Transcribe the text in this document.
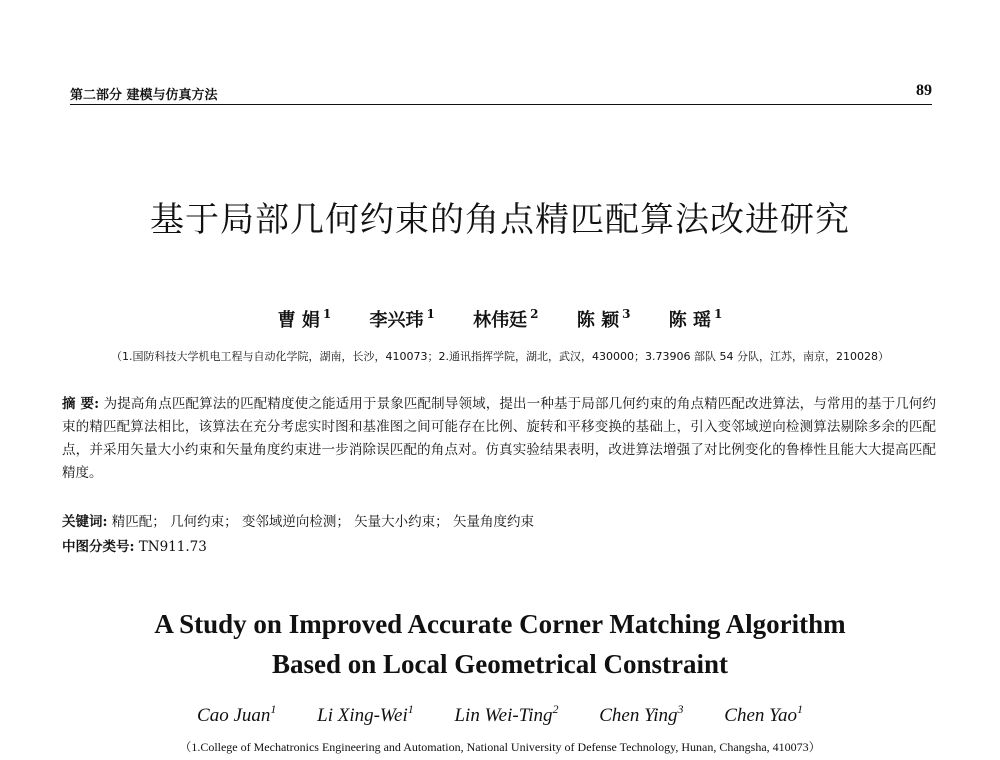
第二部分 建模与仿真方法	89
基于局部几何约束的角点精匹配算法改进研究
曹 娟 $^1$ 李兴玮 $^1$ 林伟廷 $^2$ 陈 颖 $^3$ 陈 瑶 $^1$
（1.国防科技大学机电工程与自动化学院，湖南，长沙，410073；2.通讯指挥学院，湖北，武汉，430000；3.73906 部队 54 分队，江苏，南京，210028）
摘 要: 为提高角点匹配算法的匹配精度使之能适用于景象匹配制导领域，提出一种基于局部几何约束的角点精匹配改进算法，与常用的基于几何约束的精匹配算法相比，该算法在充分考虑实时图和基准图之间可能存在比例、旋转和平移变换的基础上，引入变邻域逆向检测算法剔除多余的匹配点，并采用矢量大小约束和矢量角度约束进一步消除误匹配的角点对。仿真实验结果表明，改进算法增强了对比例变化的鲁棒性且能大大提高匹配精度。
关键词: 精匹配； 几何约束； 变邻域逆向检测； 矢量大小约束； 矢量角度约束
中图分类号: TN911.73
A Study on Improved Accurate Corner Matching Algorithm
Based on Local Geometrical Constraint
Cao Juan$^1$ Li Xing-Wei$^1$ Lin Wei-Ting$^2$ Chen Ying$^3$ Chen Yao$^1$
（1.College of Mechatronics Engineering and Automation, National University of Defense Technology, Hunan, Changsha, 410073）
